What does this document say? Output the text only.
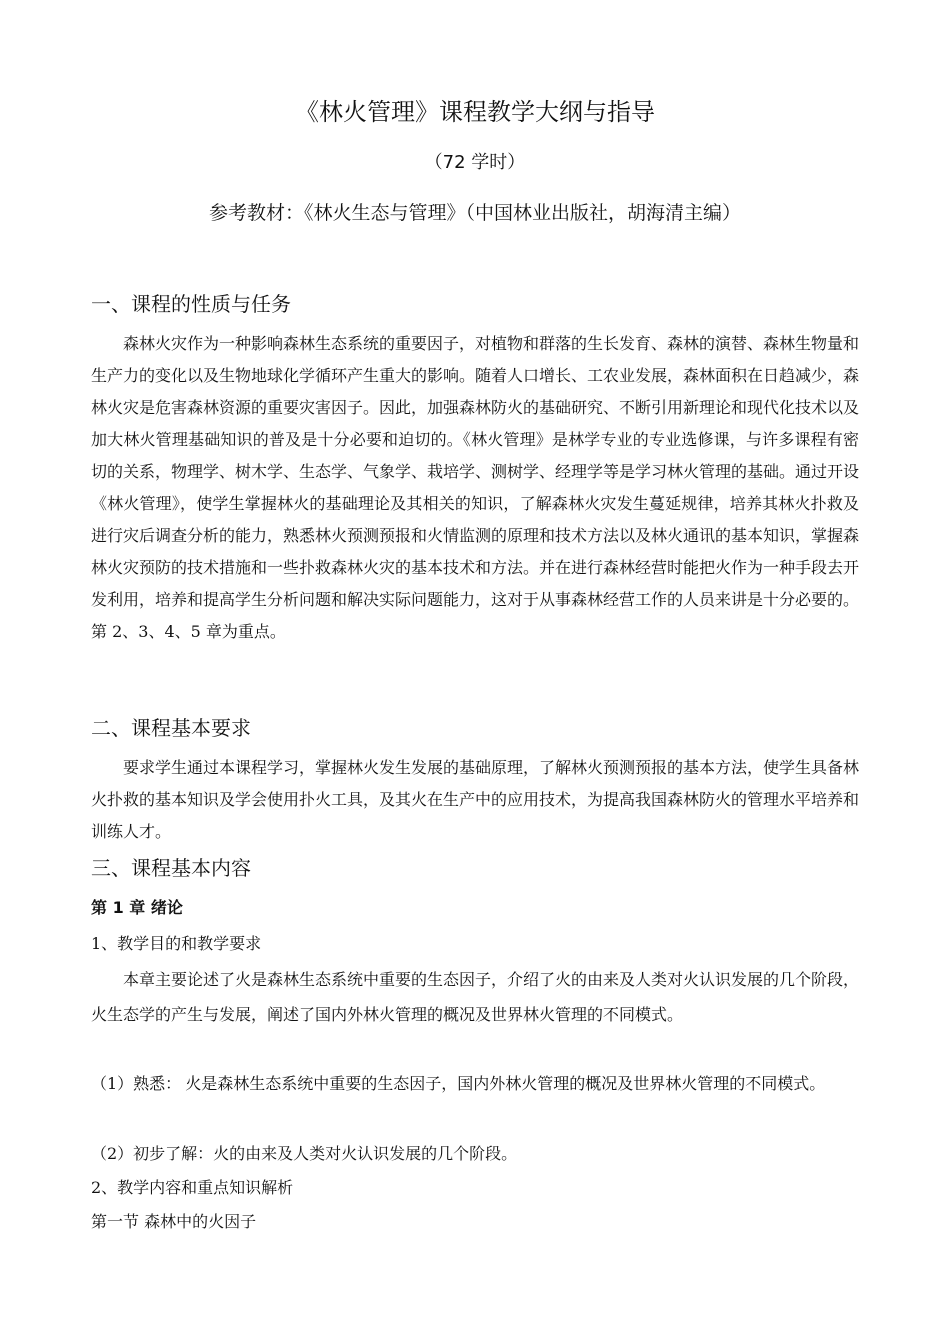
《林火管理》课程教学大纲与指导
（72 学时）
参考教材：《林火生态与管理》（中国林业出版社，胡海清主编）
一、课程的性质与任务

森林火灾作为一种影响森林生态系统的重要因子，对植物和群落的生长发育、森林的演替、森林生物量和生产力的变化以及生物地球化学循环产生重大的影响。随着人口增长、工农业发展，森林面积在日趋减少，森林火灾是危害森林资源的重要灾害因子。因此，加强森林防火的基础研究、不断引用新理论和现代化技术以及加大林火管理基础知识的普及是十分必要和迫切的。《林火管理》是林学专业的专业选修课，与许多课程有密切的关系，物理学、树木学、生态学、气象学、栽培学、测树学、经理学等是学习林火管理的基础。通过开设《林火管理》，使学生掌握林火的基础理论及其相关的知识，了解森林火灾发生蔓延规律，培养其林火扑救及进行灾后调查分析的能力，熟悉林火预测预报和火情监测的原理和技术方法以及林火通讯的基本知识，掌握森林火灾预防的技术措施和一些扑救森林火灾的基本技术和方法。并在进行森林经营时能把火作为一种手段去开发利用，培养和提高学生分析问题和解决实际问题能力，这对于从事森林经营工作的人员来讲是十分必要的。第 2、3、4、5 章为重点。

二、课程基本要求

要求学生通过本课程学习，掌握林火发生发展的基础原理，了解林火预测预报的基本方法，使学生具备林火扑救的基本知识及学会使用扑火工具，及其火在生产中的应用技术，为提高我国森林防火的管理水平培养和训练人才。

三、课程基本内容
第 1 章 绪论
1、教学目的和教学要求

本章主要论述了火是森林生态系统中重要的生态因子，介绍了火的由来及人类对火认识发展的几个阶段，火生态学的产生与发展，阐述了国内外林火管理的概况及世界林火管理的不同模式。

（1）熟悉： 火是森林生态系统中重要的生态因子，国内外林火管理的概况及世界林火管理的不同模式。
（2）初步了解：火的由来及人类对火认识发展的几个阶段。
2、教学内容和重点知识解析
第一节 森林中的火因子
